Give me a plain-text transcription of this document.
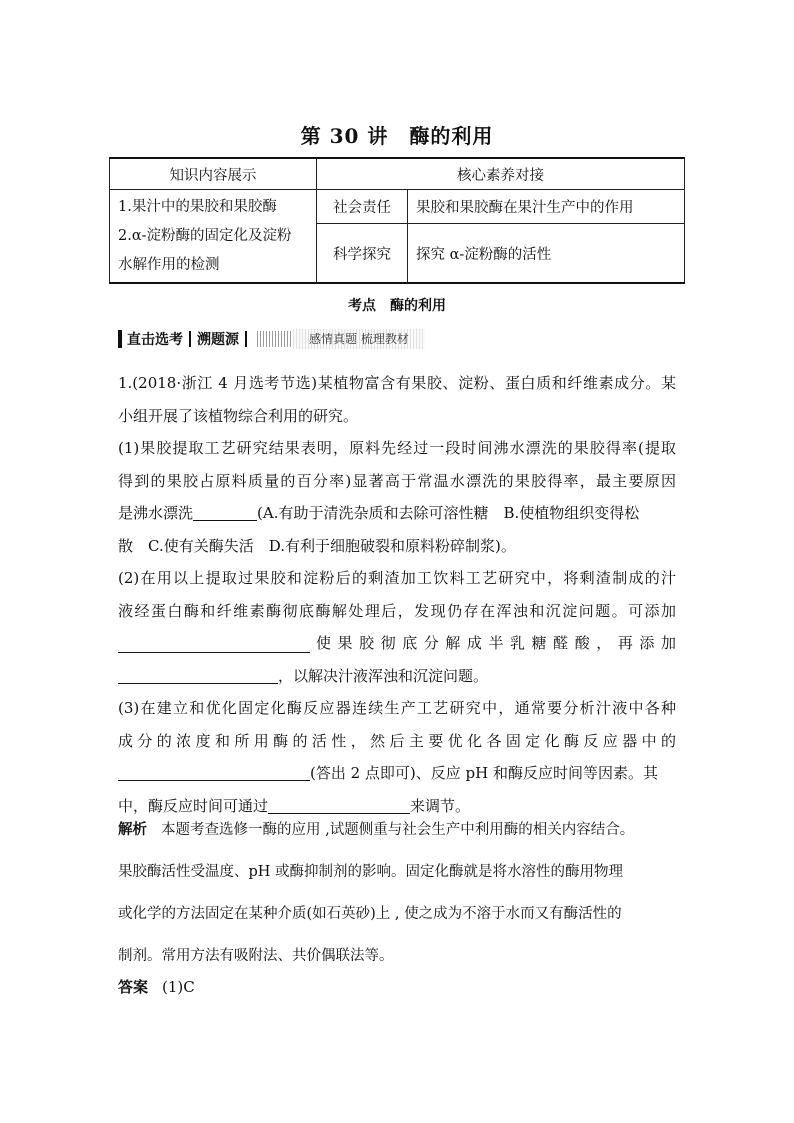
第 30 讲　酶的利用
知识内容展示	核心素养对接	

1.果汁中的果胶和果胶酶
2.α-淀粉酶的固定化及淀粉
水解作用的检测	社会责任	果胶和果胶酶在果汁生产中的作用
	科学探究	探究 α-淀粉酶的活性
考点　酶的利用
直击选考 溯题源	感情真题 梳理教材
1.(2018·浙江 4 月选考节选)某植物富含有果胶、淀粉、蛋白质和纤维素成分。某
小组开展了该植物综合利用的研究。
(1)果胶提取工艺研究结果表明，原料先经过一段时间沸水漂洗的果胶得率(提取
得到的果胶占原料质量的百分率)显著高于常温水漂洗的果胶得率，最主要原因
是沸水漂洗	(A.有助于清洗杂质和去除可溶性糖　B.使植物组织变得松
散　C.使有关酶失活　D.有利于细胞破裂和原料粉碎制浆)。
(2)在用以上提取过果胶和淀粉后的剩渣加工饮料工艺研究中，将剩渣制成的汁
液经蛋白酶和纤维素酶彻底酶解处理后，发现仍存在浑浊和沉淀问题。可添加
使果胶彻底分解成半乳糖醛酸，再添加
，以解决汁液浑浊和沉淀问题。
(3)在建立和优化固定化酶反应器连续生产工艺研究中，通常要分析汁液中各种
成分的浓度和所用酶的活性，然后主要优化各固定化酶反应器中的
(答出 2 点即可)、反应 pH 和酶反应时间等因素。其
中，酶反应时间可通过	来调节。
解析 本题考查选修一酶的应用 ,试题侧重与社会生产中利用酶的相关内容结合。
果胶酶活性受温度、pH 或酶抑制剂的影响。固定化酶就是将水溶性的酶用物理
或化学的方法固定在某种介质(如石英砂)上 , 使之成为不溶于水而又有酶活性的
制剂。常用方法有吸附法、共价偶联法等。
答案 (1)C
